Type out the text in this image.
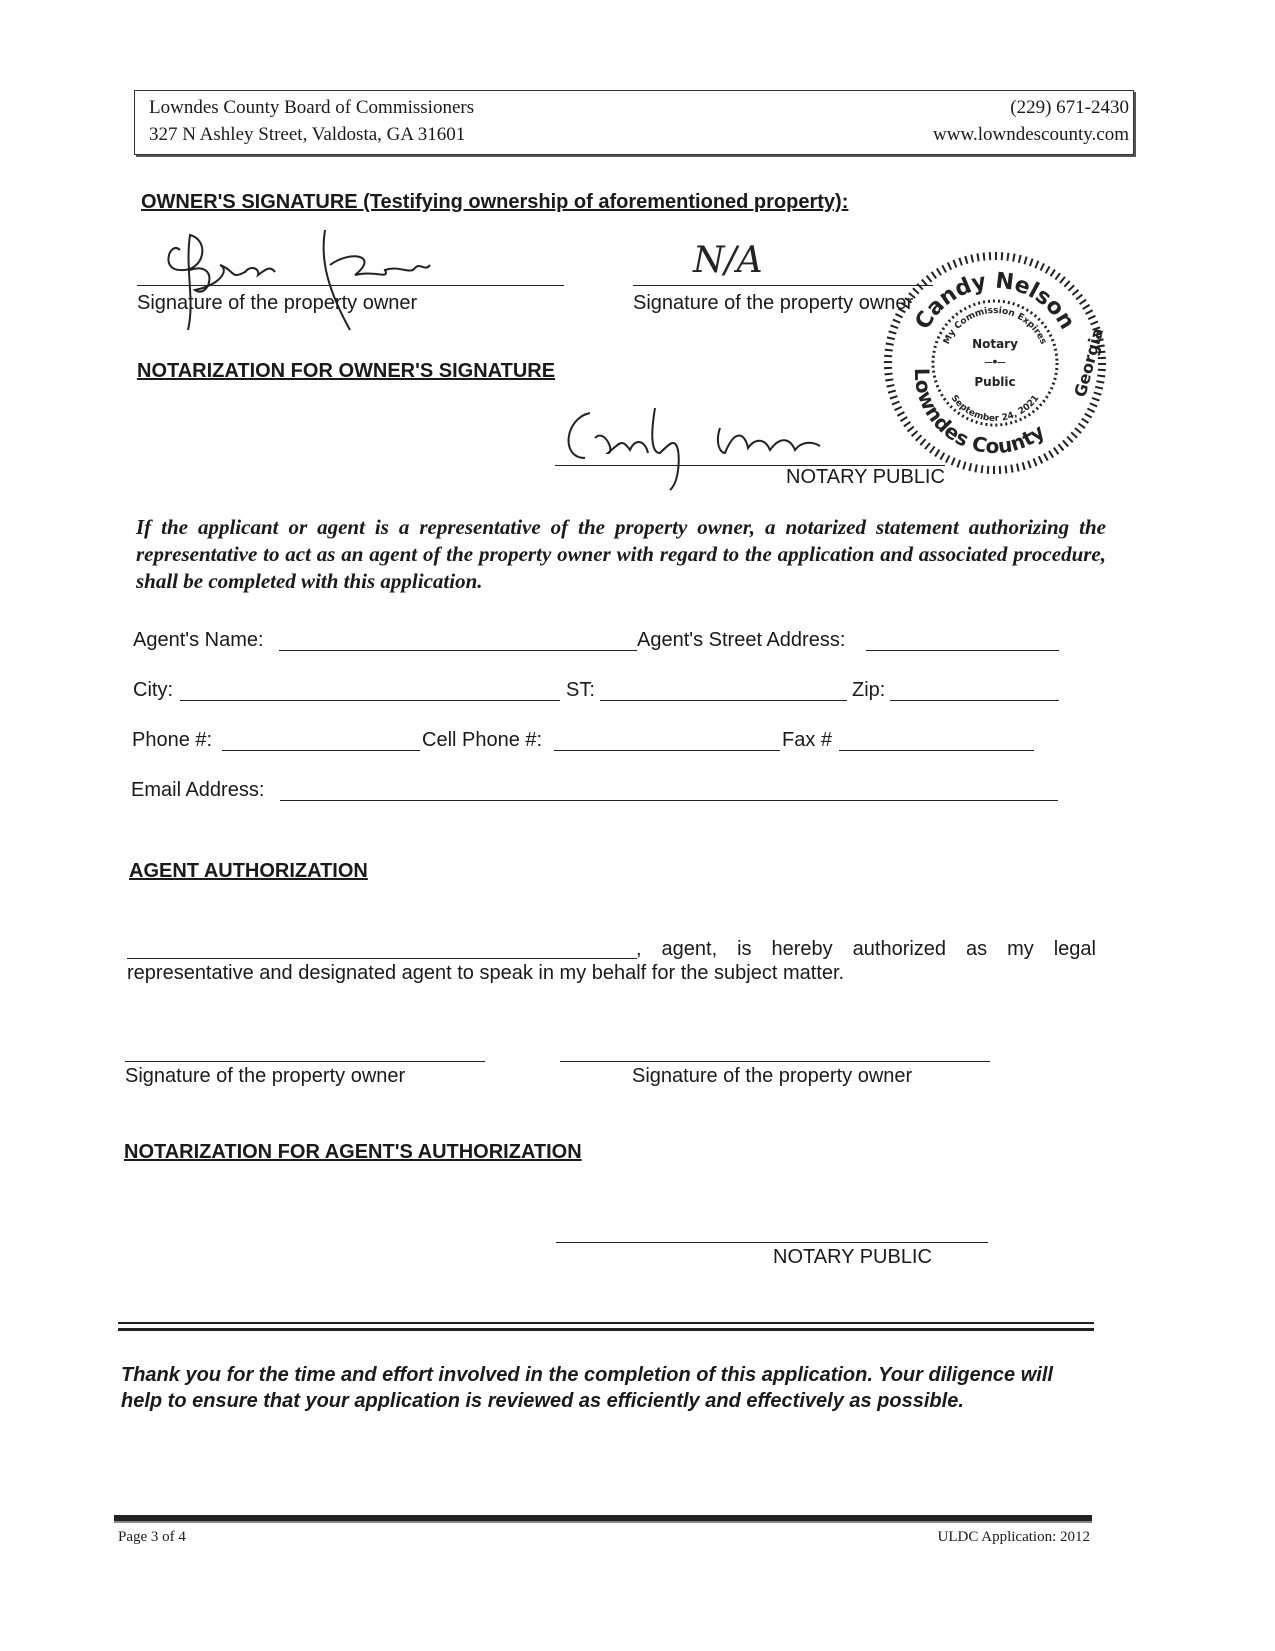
Lowndes County Board of Commissioners
327 N Ashley Street, Valdosta, GA 31601
(229) 671-2430
www.lowndescounty.com
OWNER'S SIGNATURE (Testifying ownership of aforementioned property):
Signature of the property owner	Signature of the property owner
N/A
Candy Nelson
Lowndes County
My Commission Expires
September 24, 2021
Notary
–•–
Public	Georgia
NOTARIZATION FOR OWNER'S SIGNATURE
NOTARY PUBLIC
If the applicant or agent is a representative of the property owner, a notarized statement authorizing the representative to act as an agent of the property owner with regard to the application and associated procedure, shall be completed with this application.
Agent's Name:	Agent's Street Address:
City:	ST:	Zip:
Phone #:	Cell Phone #:	Fax #
Email Address:
AGENT AUTHORIZATION
, agent, is hereby authorized as my legal
representative and designated agent to speak in my behalf for the subject matter.
Signature of the property owner	Signature of the property owner
NOTARIZATION FOR AGENT'S AUTHORIZATION
NOTARY PUBLIC
Thank you for the time and effort involved in the completion of this application. Your diligence will help to ensure that your application is reviewed as efficiently and effectively as possible.
Page 3 of 4	ULDC Application: 2012
